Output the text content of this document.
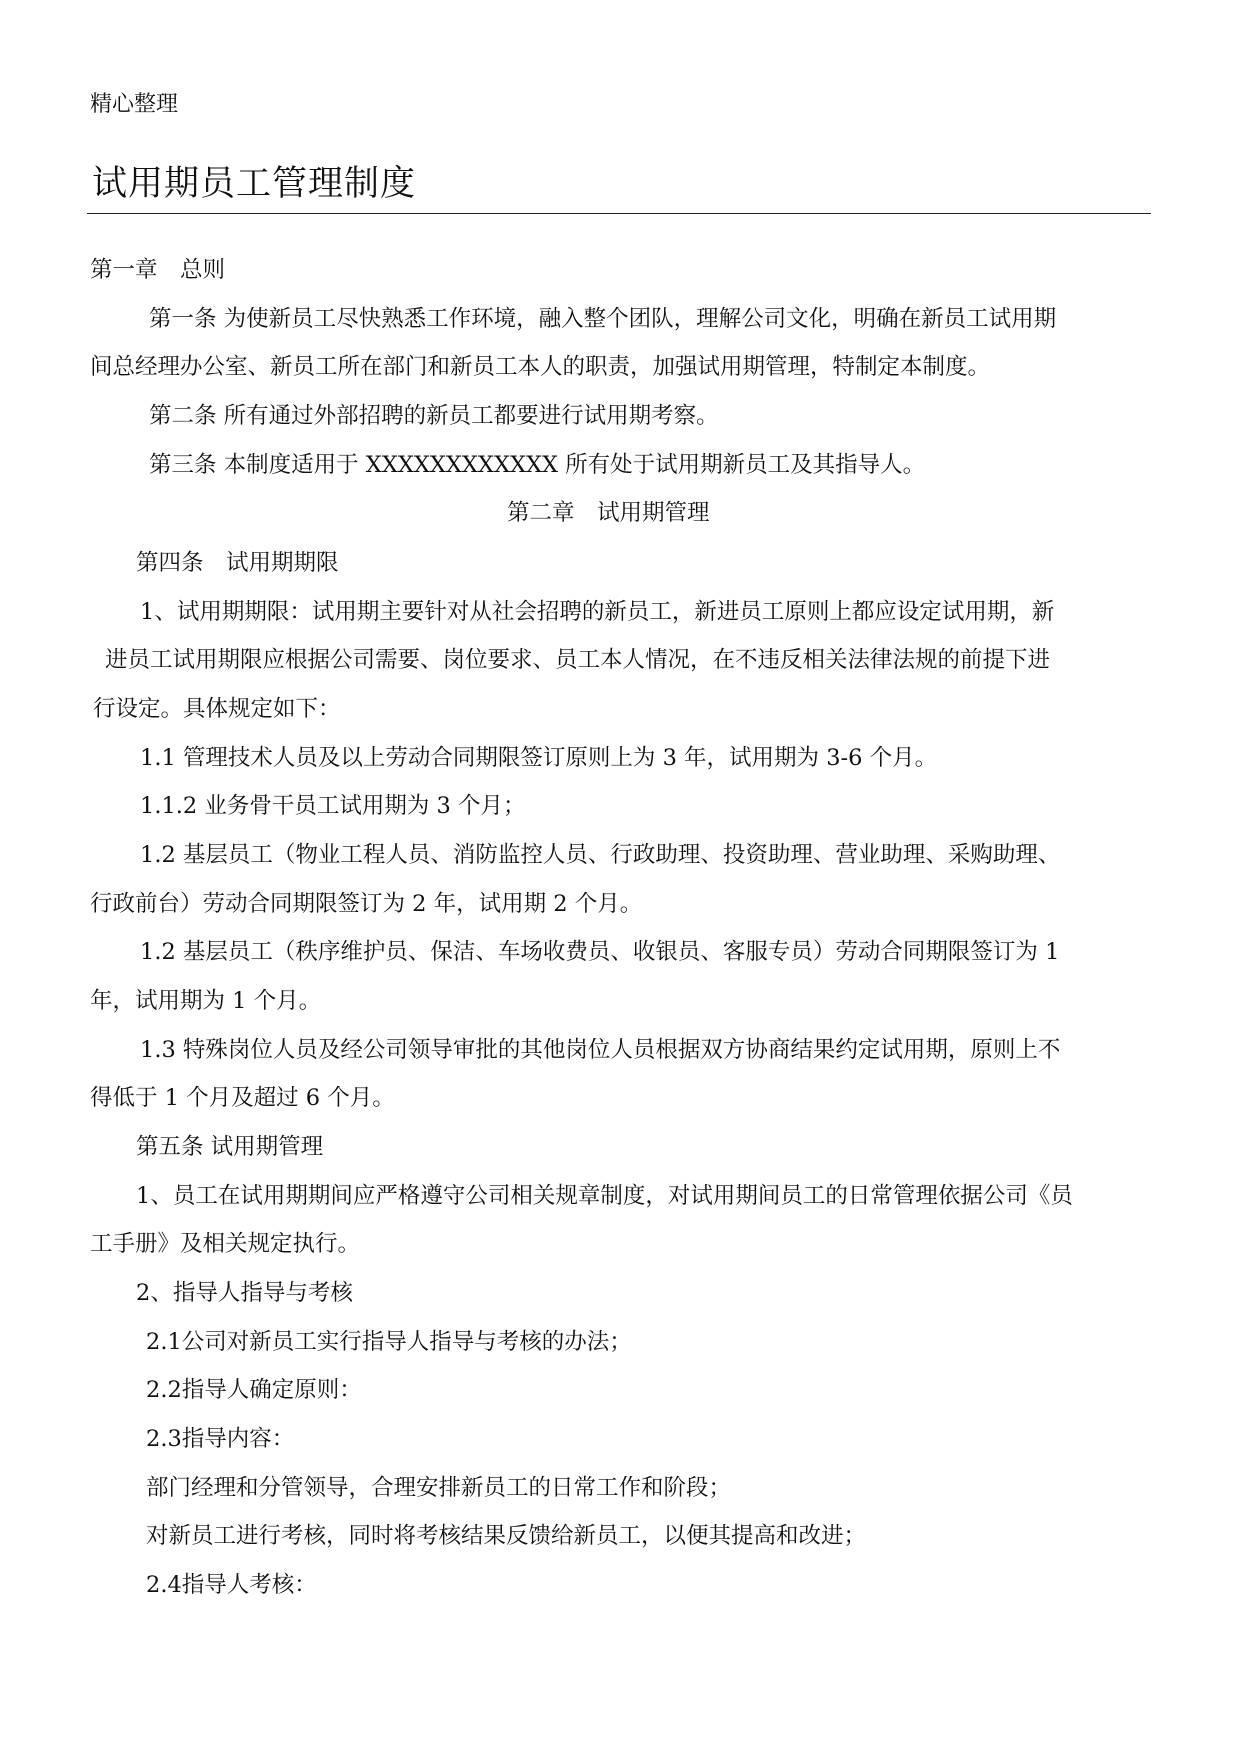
精心整理
试用期员工管理制度
第一章　总则
第一条 为使新员工尽快熟悉工作环境，融入整个团队，理解公司文化，明确在新员工试用期
间总经理办公室、新员工所在部门和新员工本人的职责，加强试用期管理，特制定本制度。
第二条 所有通过外部招聘的新员工都要进行试用期考察。
第三条 本制度适用于 XXXXXXXXXXXX 所有处于试用期新员工及其指导人。
第二章　试用期管理
第四条　试用期期限
1、试用期期限：试用期主要针对从社会招聘的新员工，新进员工原则上都应设定试用期，新
进员工试用期限应根据公司需要、岗位要求、员工本人情况，在不违反相关法律法规的前提下进
行设定。具体规定如下：
1.1 管理技术人员及以上劳动合同期限签订原则上为 3 年，试用期为 3-6 个月。
1.1.2 业务骨干员工试用期为 3 个月；
1.2 基层员工（物业工程人员、消防监控人员、行政助理、投资助理、营业助理、采购助理、
行政前台）劳动合同期限签订为 2 年，试用期 2 个月。
1.2 基层员工（秩序维护员、保洁、车场收费员、收银员、客服专员）劳动合同期限签订为 1
年，试用期为 1 个月。
1.3 特殊岗位人员及经公司领导审批的其他岗位人员根据双方协商结果约定试用期，原则上不
得低于 1 个月及超过 6 个月。
第五条 试用期管理
1、员工在试用期期间应严格遵守公司相关规章制度，对试用期间员工的日常管理依据公司《员
工手册》及相关规定执行。
2、指导人指导与考核
2.1公司对新员工实行指导人指导与考核的办法；
2.2指导人确定原则：
2.3指导内容：
部门经理和分管领导，合理安排新员工的日常工作和阶段；
对新员工进行考核，同时将考核结果反馈给新员工，以便其提高和改进；
2.4指导人考核：
